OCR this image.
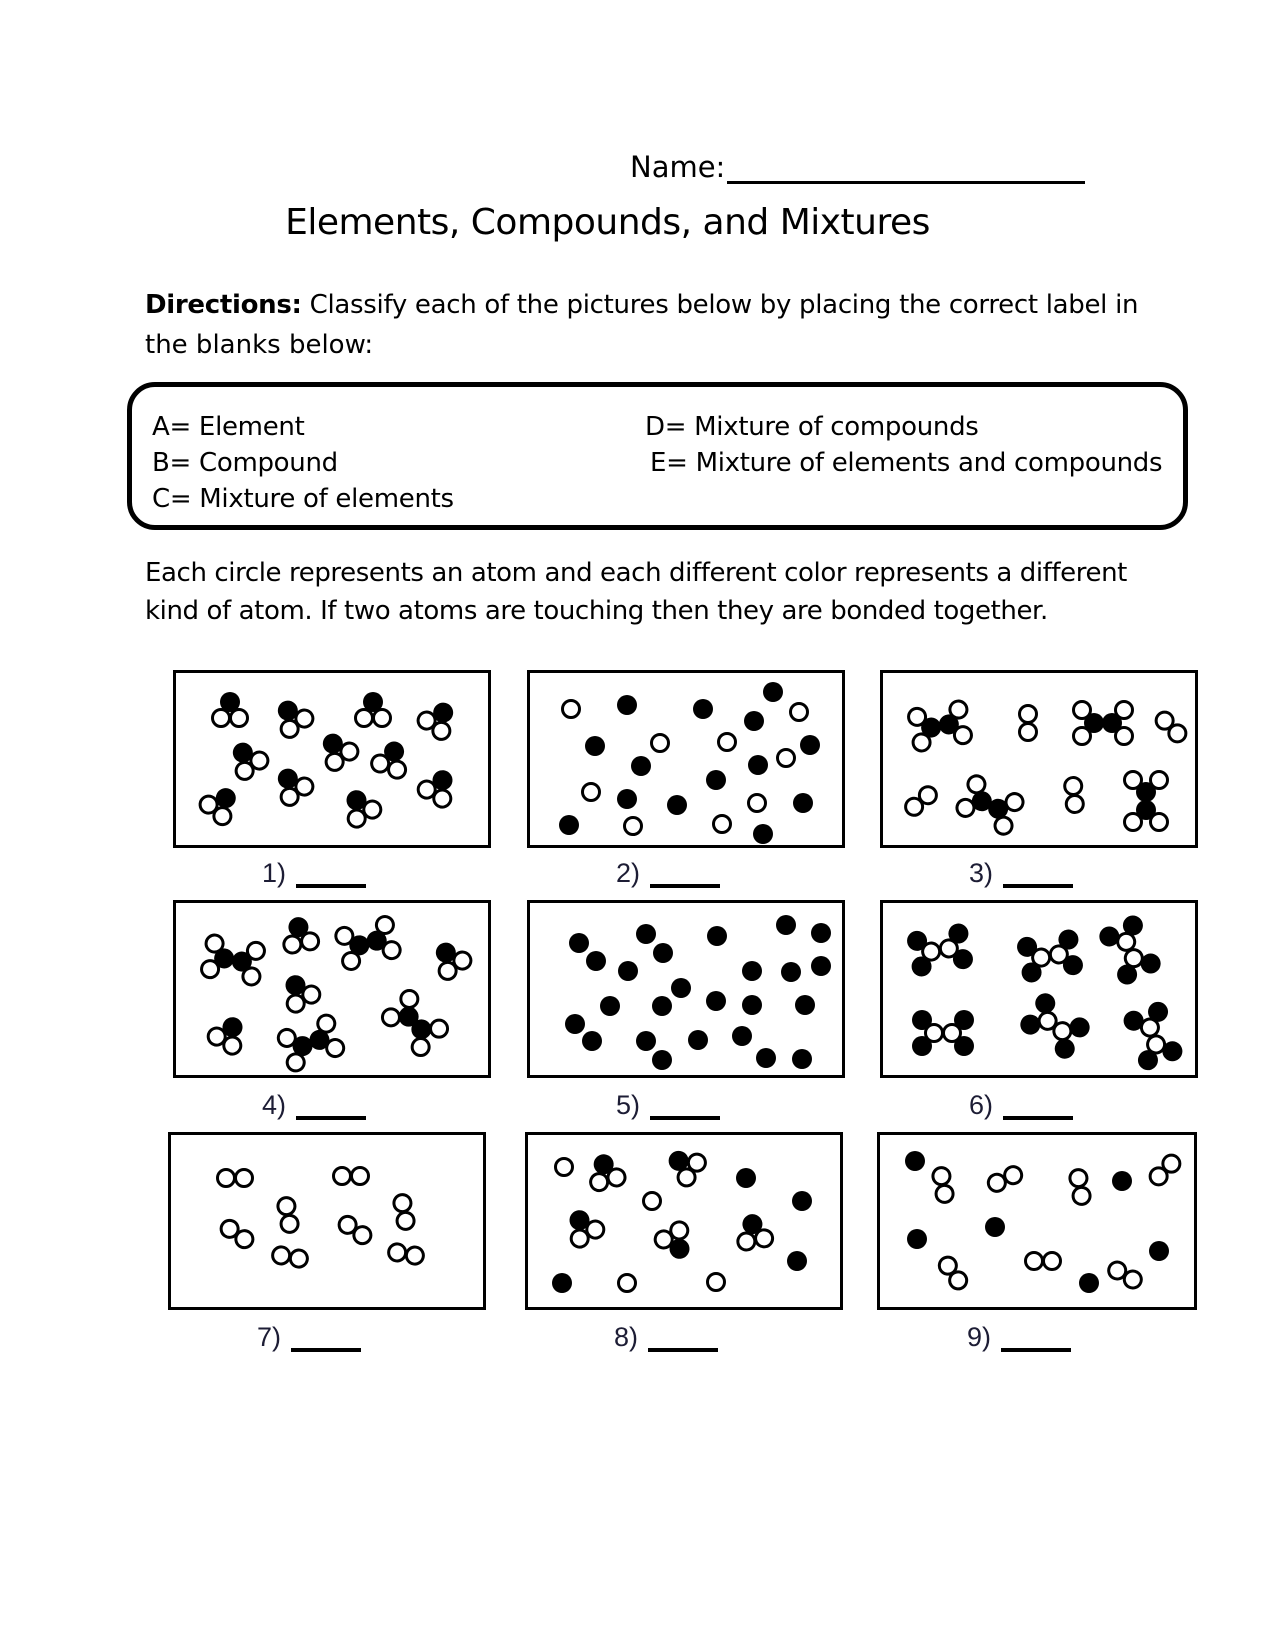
Name:
Elements, Compounds, and Mixtures
Directions: Classify each of the pictures below by placing the correct label in
the blanks below:
A= Element
B= Compound
C= Mixture of elements
D= Mixture of compounds
E= Mixture of elements and compounds
Each circle represents an atom and each different color represents a different
kind of atom. If two atoms are touching then they are bonded together.
1)	2)	3)
4)	5)	6)
7)	8)	9)
